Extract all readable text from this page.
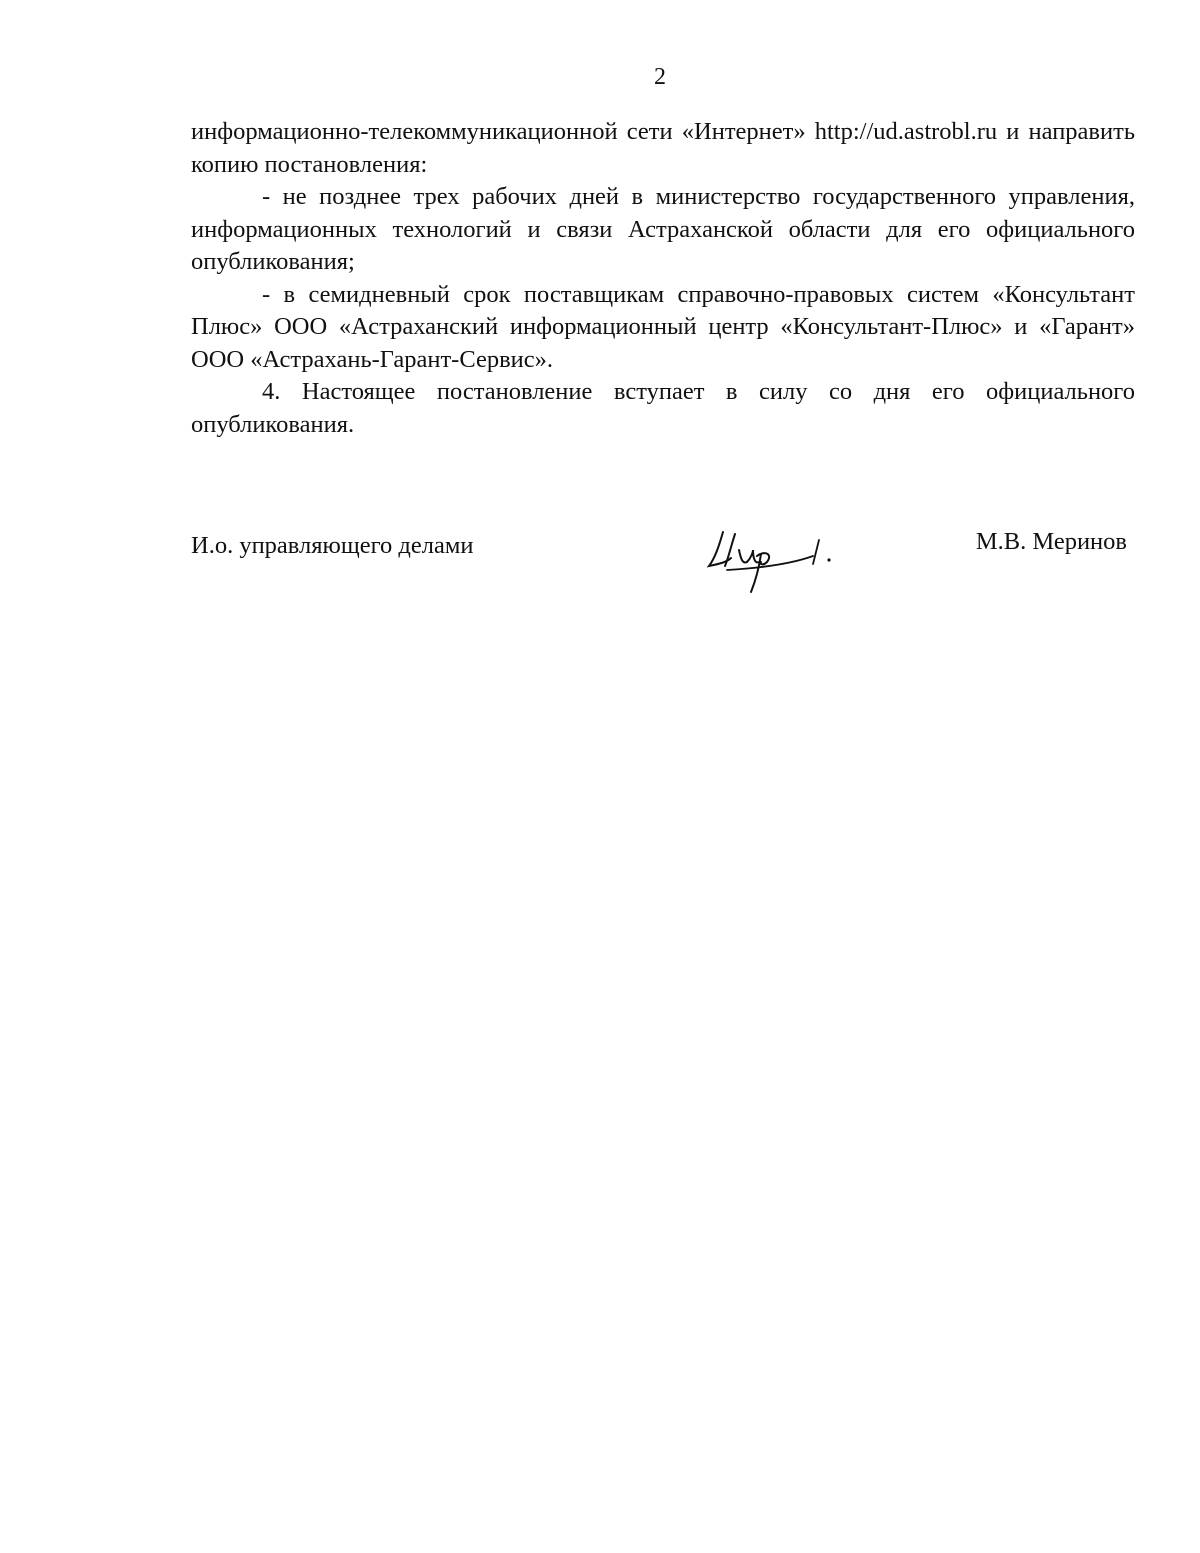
2

информационно-телекоммуникационной сети «Интернет» http://ud.astrobl.ru и направить копию постановления:

- не позднее трех рабочих дней в министерство государственного управления, информационных технологий и связи Астраханской области для его официального опубликования;

- в семидневный срок поставщикам справочно-правовых систем «Консультант Плюс» ООО «Астраханский информационный центр «Консультант-Плюс» и «Гарант» ООО «Астрахань-Гарант-Сервис».

4. Настоящее постановление вступает в силу со дня его официального опубликования.

И.о. управляющего делами	М.В. Меринов
